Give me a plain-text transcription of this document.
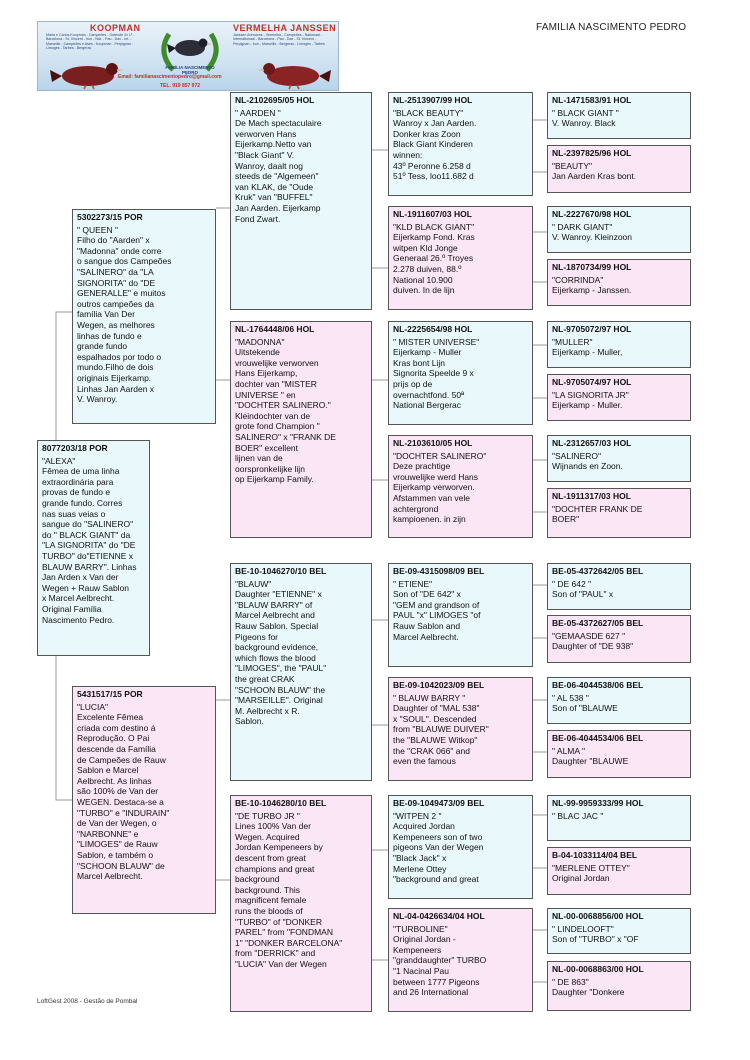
KOOPMAN	VERMELHA JANSSEN
Maria e Carlos Koopman - Campeões - Ostende 2x 1º - Barcelona - St. Vincent - Irun - Nat. - Pau - Dax - Int. - Marseille - Campeões e Ases - Koopman - Perpignan - Limoges - Tarbes - Bergerac
Janssen Arendonk - Vermelha - Campeões - Nationaal - Internationaal - Barcelona - Pau - Dax - St. Vincent - Perpignan - Irun - Marseille - Bergerac - Limoges - Tarbes
FAMÍLIA NASCIMENTO PEDRO
Email: familianascimentopedro@gmail.com
TEL. 919 857 972
FAMILIA NASCIMENTO PEDRO
8077203/18 POR
"ALEXA"
Fêmea de uma linha
extraordinária para
provas de fundo e
grande fundo. Corres
nas suas veias o
sangue do "SALINERO"
do " BLACK GIANT" da
"LA SIGNORITA" do "DE
TURBO" do"ETIENNE x
BLAUW BARRY". Linhas
Jan Arden x Van der
Wegen + Rauw Sablon
x Marcel Aelbrecht.
Original Família
Nascimento Pedro.
5302273/15 POR
" QUEEN "
Filho do "Aarden" x
"Madonna" onde corre
o sangue dos Campeões
"SALINERO" da "LA
SIGNORITA" do "DE
GENERALLE" e muitos
outros campeões da
família Van Der
Wegen, as melhores
linhas de fundo e
grande fundo
espalhados por todo o
mundo.Filho de dois
originais Eijerkamp.
Linhas Jan Aarden x
V. Wanroy.
5431517/15 POR
"LUCIA"
Excelente Fêmea
criada com destino á
Reprodução. O Pai
descende da Família
de Campeões de Rauw
Sablon e Marcel
Aelbrecht. As linhas
são 100% de Van der
WEGEN. Destaca-se a
"TURBO" e "INDURAIN"
de Van der Wegen, o
"NARBONNE" e
"LIMOGES" de Rauw
Sablon, e também o
"SCHOON BLAUW" de
Marcel Aelbrecht.
NL-2102695/05 HOL
" AARDEN "
De Mach spectaculaire
verworven Hans
Eijerkamp.Netto van
"Black Giant" V.
Wanroy, daalt nog
steeds de "Algemeen"
van KLAK, de "Oude
Kruk" van "BUFFEL"
Jan Aarden. Eijerkamp
Fond Zwart.
NL-1764448/06 HOL
"MADONNA"
Uitstekende
vrouwelijke verworven
Hans Eijerkamp,
dochter van "MISTER
UNIVERSE " en
"DOCHTER SALINERO."
Kleindochter van de
grote fond Champion "
SALINERO" x "FRANK DE
BOER" excellent
lijnen van de
oorspronkelijke lijn
op Eijerkamp Family.
BE-10-1046270/10 BEL
"BLAUW"
Daughter "ETIENNE" x
"BLAUW BARRY" of
Marcel Aelbrecht and
Rauw Sablon. Special
Pigeons for
background evidence,
which flows the blood
"LIMOGES", the "PAUL"
the great CRAK
"SCHOON BLAUW" the
"MARSEILLE". Original
M. Aelbrecht x R.
Sablon.
BE-10-1046280/10 BEL
"DE TURBO JR "
Lines 100% Van der
Wegen. Acquired
Jordan Kempeneers by
descent from great
champions and great
background
background. This
magnificent female
runs the bloods of
"TURBO" of "DONKER
PAREL" from "FONDMAN
1" "DONKER BARCELONA"
from "DERRICK" and
"LUCIA" Van der Wegen
NL-2513907/99 HOL
"BLACK BEAUTY"
Wanroy x Jan Aarden.
Donker kras Zoon
Black Giant Kinderen
winnen:
43º Peronne 6.258 d
51º Tess, loo11.682 d
NL-1911607/03 HOL
"KLD BLACK GIANT"
Eijerkamp Fond. Kras
witpen Kld Jonge
Generaal 26.º Troyes
2.278 duiven, 88.º
National 10.900
duiven. In de lijn
NL-2225654/98 HOL
" MISTER UNIVERSE"
Eijerkamp - Muller
Kras bont Lijn
Signorita Speelde 9 x
prijs op de
overnachtfond. 50ª
National Bergerac
NL-2103610/05 HOL
"DOCHTER SALINERO"
Deze prachtige
vrouwelijke werd Hans
Eijerkamp verworven.
Afstammen van vele
achtergrond
kampioenen. in zijn
BE-09-4315098/09 BEL
" ETIENE"
Son of "DE 642" x
"GEM and grandson of
PAUL "x" LIMOGES "of
Rauw Sablon and
Marcel Aelbrecht.
BE-09-1042023/09 BEL
" BLAUW BARRY "
Daughter of "MAL 538"
x "SOUL". Descended
from "BLAUWE DUIVER"
the "BLAUWE Witkop"
the "CRAK 066" and
even the famous
BE-09-1049473/09 BEL
"WITPEN 2 "
Acquired Jordan
Kempeneers son of two
pigeons Van der Wegen
"Black Jack" x
Merlene Ottey
"background and great
NL-04-0426634/04 HOL
"TURBOLINE"
Original Jordan -
Kempeneers
"granddaughter" TURBO
"1 Nacinal Pau
between 1777 Pigeons
and 26 International
NL-1471583/91 HOL
" BLACK GIANT "
V. Wanroy. Black
NL-2397825/96 HOL
"BEAUTY"
Jan Aarden Kras bont.
NL-2227670/98 HOL
" DARK GIANT"
V. Wanroy. Kleinzoon
NL-1870734/99 HOL
"CORRINDA"
Eijerkamp - Janssen.
NL-9705072/97 HOL
"MULLER"
Eijerkamp - Muller,
NL-9705074/97 HOL
"LA SIGNORITA JR"
Eijerkamp - Muller.
NL-2312657/03 HOL
"SALINERO"
Wijnands en Zoon.
NL-1911317/03 HOL
"DOCHTER FRANK DE
BOER"
BE-05-4372642/05 BEL
" DE 642 "
Son of "PAUL" x
BE-05-4372627/05 BEL
"GEMAASDE 627 "
Daughter of "DE 938"
BE-06-4044538/06 BEL
" AL 538 "
Son of "BLAUWE
BE-06-4044534/06 BEL
" ALMA "
Daughter "BLAUWE
NL-99-9959333/99 HOL
" BLAC JAC "
B-04-1033114/04 BEL
"MERLENE OTTEY"
Original Jordan
NL-00-0068856/00 HOL
" LINDELOOFT"
Son of "TURBO" x "OF
NL-00-0068863/00 HOL
" DE 863"
Daughter "Donkere
LoftGest 2008 - Gestão de Pombal
